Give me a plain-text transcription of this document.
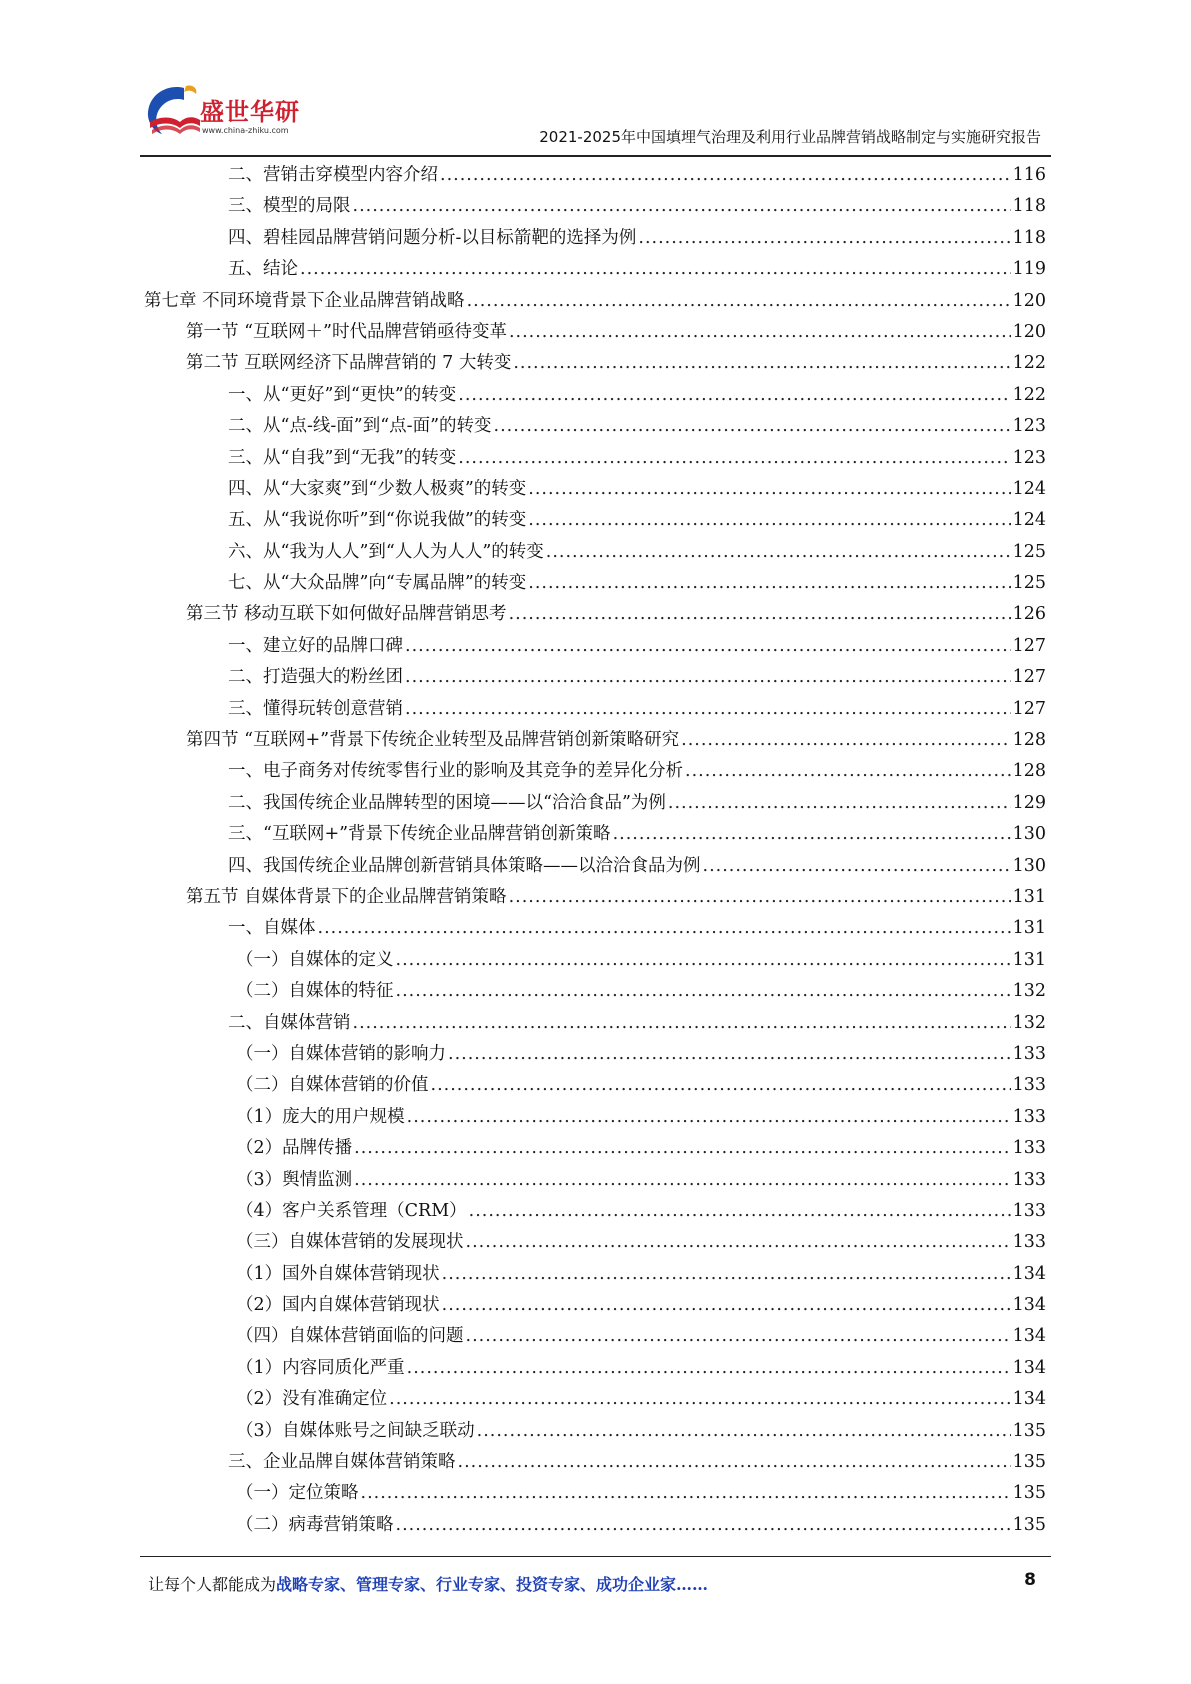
盛世华研
www.china-zhiku.com	2021-2025年中国填埋气治理及利用行业品牌营销战略制定与实施研究报告
二、营销击穿模型内容介绍 .....	116
三、模型的局限 .....	118
四、碧桂园品牌营销问题分析-以目标箭靶的选择为例 .....	118
五、结论 .....	119
第七章 不同环境背景下企业品牌营销战略 .....	120
第一节 “互联网＋”时代品牌营销亟待变革 .....	120
第二节 互联网经济下品牌营销的 7 大转变 .....	122
一、从“更好”到“更快”的转变 .....	122
二、从“点-线-面”到“点-面”的转变 .....	123
三、从“自我”到“无我”的转变 .....	123
四、从“大家爽”到“少数人极爽”的转变 .....	124
五、从“我说你听”到“你说我做”的转变 .....	124
六、从“我为人人”到“人人为人人”的转变 .....	125
七、从“大众品牌”向“专属品牌”的转变 .....	125
第三节 移动互联下如何做好品牌营销思考 .....	126
一、建立好的品牌口碑 .....	127
二、打造强大的粉丝团 .....	127
三、懂得玩转创意营销 .....	127
第四节 “互联网+”背景下传统企业转型及品牌营销创新策略研究 .....	128
一、电子商务对传统零售行业的影响及其竞争的差异化分析 .....	128
二、我国传统企业品牌转型的困境——以“洽洽食品”为例 .....	129
三、“互联网+”背景下传统企业品牌营销创新策略 .....	130
四、我国传统企业品牌创新营销具体策略——以洽洽食品为例 .....	130
第五节 自媒体背景下的企业品牌营销策略 .....	131
一、自媒体 .....	131
（一）自媒体的定义 .....	131
（二）自媒体的特征 .....	132
二、自媒体营销 .....	132
（一）自媒体营销的影响力 .....	133
（二）自媒体营销的价值 .....	133
（1）庞大的用户规模 .....	133
（2）品牌传播 .....	133
（3）舆情监测 .....	133
（4）客户关系管理（CRM） .....	133
（三）自媒体营销的发展现状 .....	133
（1）国外自媒体营销现状 .....	134
（2）国内自媒体营销现状 .....	134
（四）自媒体营销面临的问题 .....	134
（1）内容同质化严重 .....	134
（2）没有准确定位 .....	134
（3）自媒体账号之间缺乏联动 .....	135
三、企业品牌自媒体营销策略 .....	135
（一）定位策略 .....	135
（二）病毒营销策略 .....	135
让每个人都能成为战略专家、管理专家、行业专家、投资专家、成功企业家……	8
